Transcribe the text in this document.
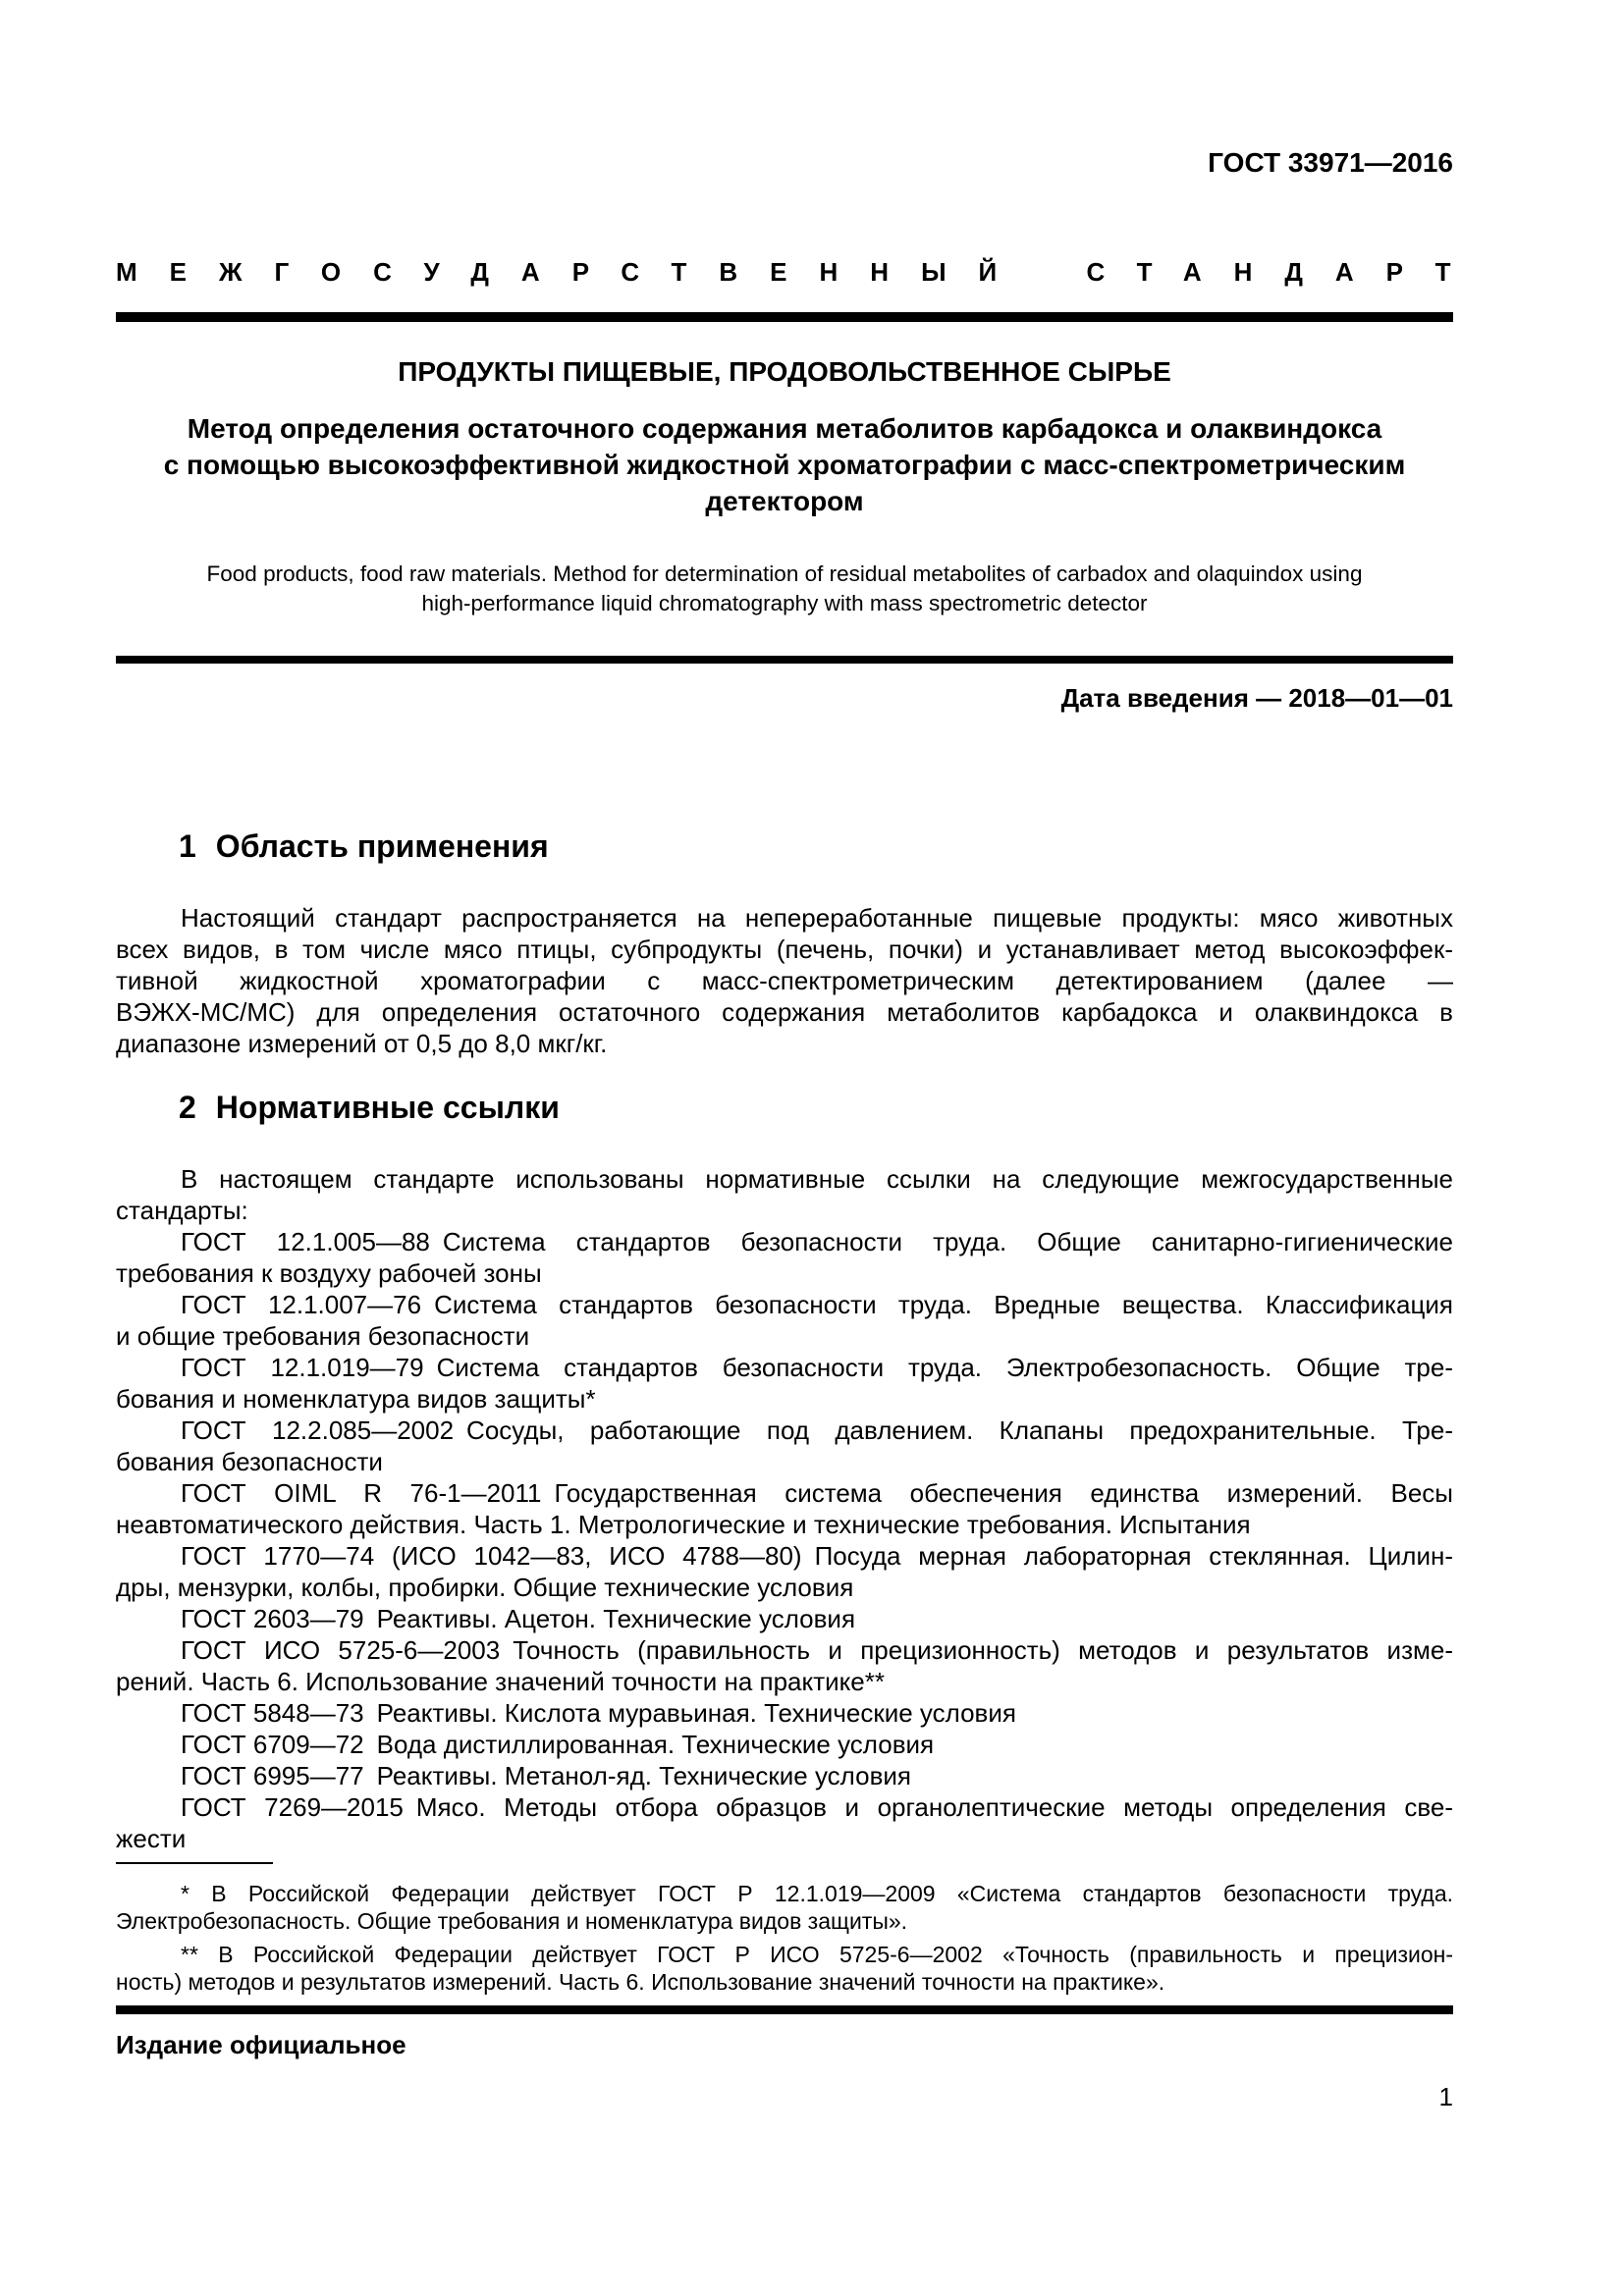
ГОСТ 33971—2016
МЕЖГОСУДАРСТВЕННЫЙ СТАНДАРТ
ПРОДУКТЫ ПИЩЕВЫЕ, ПРОДОВОЛЬСТВЕННОЕ СЫРЬЕ
Метод определения остаточного содержания метаболитов карбадокса и олаквиндокса
с помощью высокоэффективной жидкостной хроматографии с масс-спектрометрическим
детектором
Food products, food raw materials. Method for determination of residual metabolites of carbadox and olaquindox using
high-performance liquid chromatography with mass spectrometric detector
Дата введения — 2018—01—01
1 Область применения
Настоящий стандарт распространяется на непереработанные пищевые продукты: мясо животных
всех видов, в том числе мясо птицы, субпродукты (печень, почки) и устанавливает метод высокоэффек-
тивной жидкостной хроматографии с масс-спектрометрическим детектированием (далее —
ВЭЖХ-МС/МС) для определения остаточного содержания метаболитов карбадокса и олаквиндокса в
диапазоне измерений от 0,5 до 8,0 мкг/кг.
2 Нормативные ссылки
В настоящем стандарте использованы нормативные ссылки на следующие межгосударственные
стандарты:
ГОСТ 12.1.005—88 Система стандартов безопасности труда. Общие санитарно-гигиенические
требования к воздуху рабочей зоны
ГОСТ 12.1.007—76 Система стандартов безопасности труда. Вредные вещества. Классификация
и общие требования безопасности
ГОСТ 12.1.019—79 Система стандартов безопасности труда. Электробезопасность. Общие тре-
бования и номенклатура видов защиты*
ГОСТ 12.2.085—2002 Сосуды, работающие под давлением. Клапаны предохранительные. Тре-
бования безопасности
ГОСТ OIML R 76-1—2011 Государственная система обеспечения единства измерений. Весы
неавтоматического действия. Часть 1. Метрологические и технические требования. Испытания
ГОСТ 1770—74 (ИСО 1042—83, ИСО 4788—80) Посуда мерная лабораторная стеклянная. Цилин-
дры, мензурки, колбы, пробирки. Общие технические условия
ГОСТ 2603—79 Реактивы. Ацетон. Технические условия
ГОСТ ИСО 5725-6—2003 Точность (правильность и прецизионность) методов и результатов изме-
рений. Часть 6. Использование значений точности на практике**
ГОСТ 5848—73 Реактивы. Кислота муравьиная. Технические условия
ГОСТ 6709—72 Вода дистиллированная. Технические условия
ГОСТ 6995—77 Реактивы. Метанол-яд. Технические условия
ГОСТ 7269—2015 Мясо. Методы отбора образцов и органолептические методы определения све-
жести
* В Российской Федерации действует ГОСТ Р 12.1.019—2009 «Система стандартов безопасности труда.
Электробезопасность. Общие требования и номенклатура видов защиты».
** В Российской Федерации действует ГОСТ Р ИСО 5725-6—2002 «Точность (правильность и прецизион-
ность) методов и результатов измерений. Часть 6. Использование значений точности на практике».
Издание официальное
1
